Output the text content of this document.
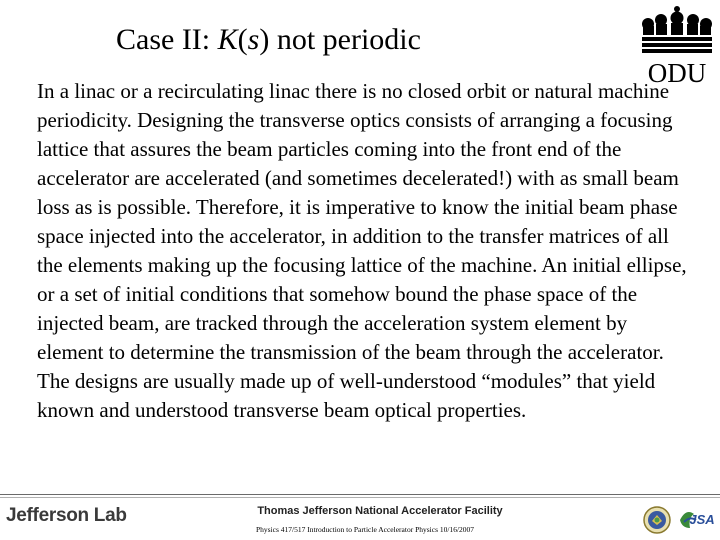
Case II: K(s) not periodic
ODU
In a linac or a recirculating linac there is no closed orbit or natural machine periodicity. Designing the transverse optics consists of arranging a focusing lattice that assures the beam particles coming into the front end of the accelerator are accelerated (and sometimes decelerated!) with as small beam loss as is possible. Therefore, it is imperative to know the initial beam phase space injected into the accelerator, in addition to the transfer matrices of all the elements making up the focusing lattice of the machine. An initial ellipse, or a set of initial conditions that somehow bound the phase space of the injected beam, are tracked through the acceleration system element by element to determine the transmission of the beam through the accelerator. The designs are usually made up of well-understood “modules” that yield known and understood transverse beam optical properties.
Jefferson Lab	Thomas Jefferson National Accelerator Facility
Physics 417/517 Introduction to Particle Accelerator Physics 10/16/2007
JSA
